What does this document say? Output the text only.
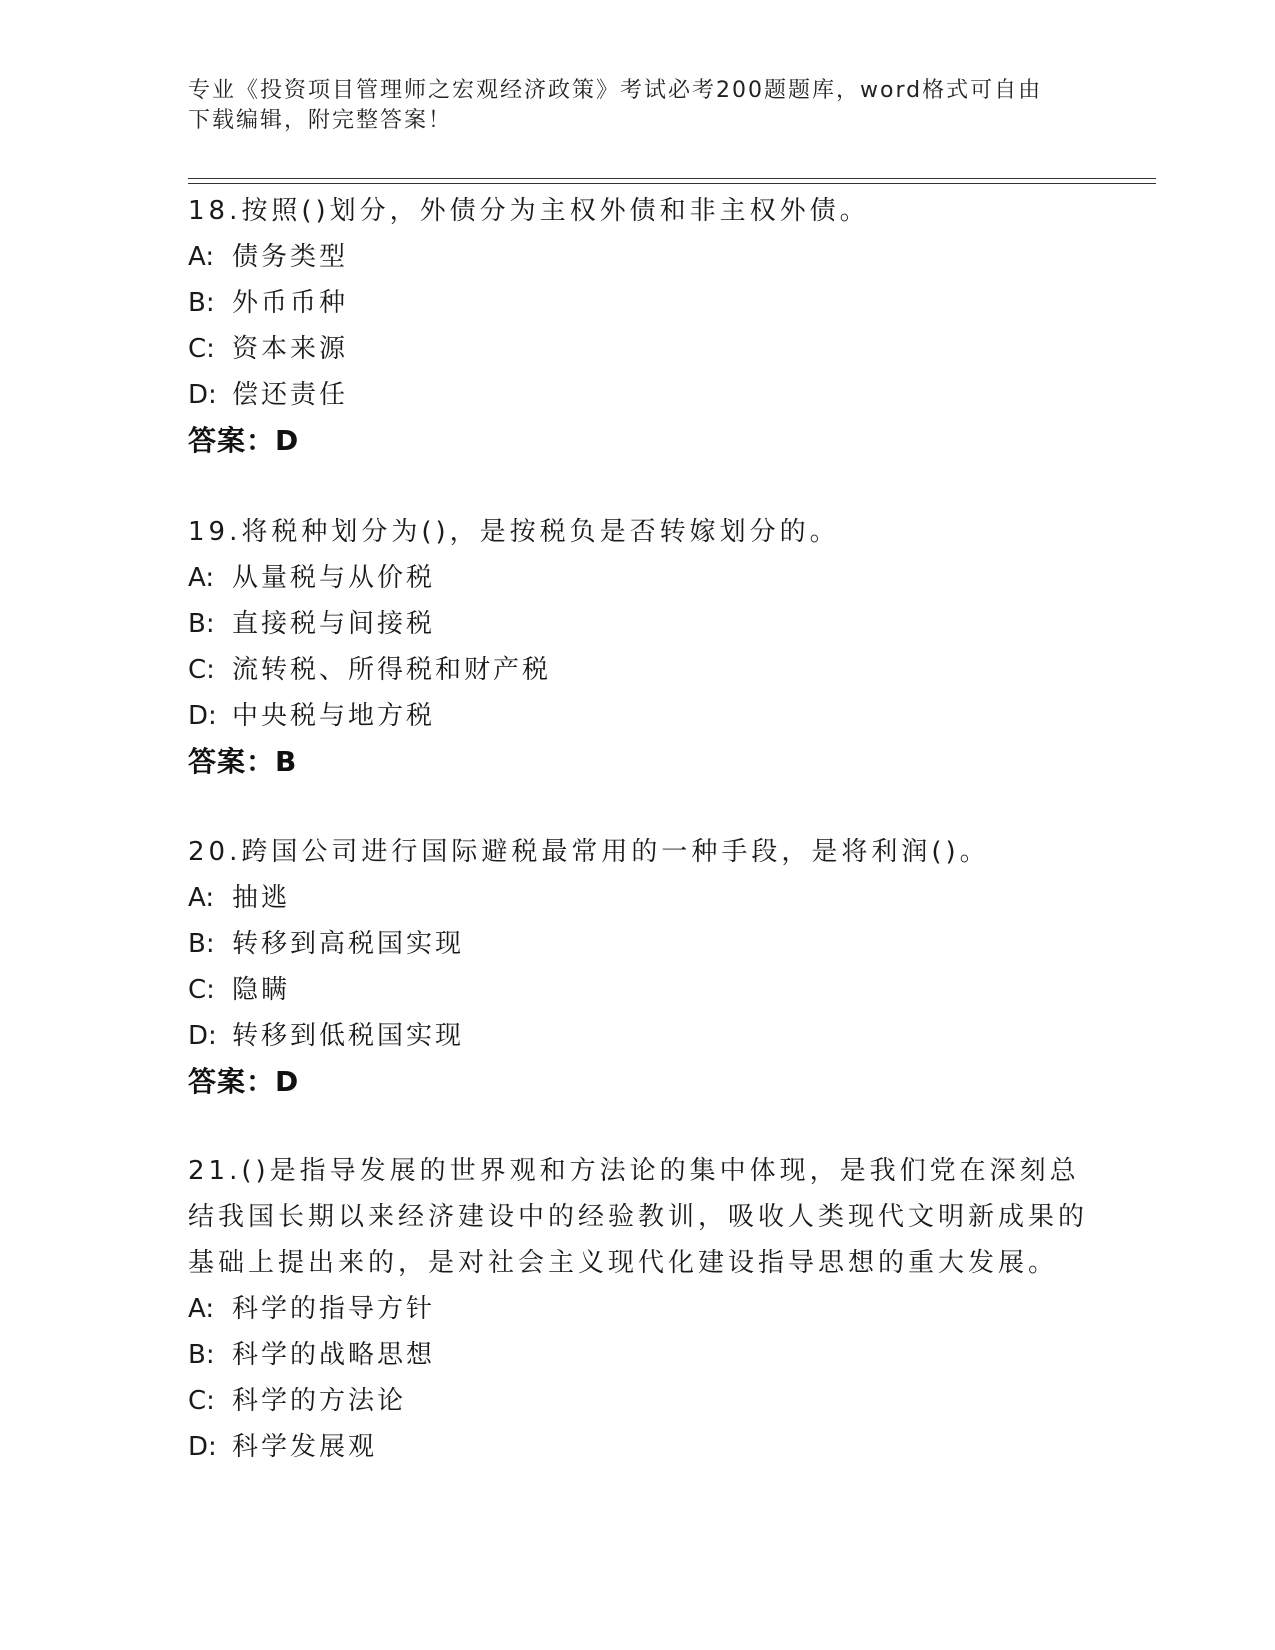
专业《投资项目管理师之宏观经济政策》考试必考200题题库，word格式可自由
下载编辑，附完整答案！

18.按照()划分，外债分为主权外债和非主权外债。

A: 债务类型

B: 外币币种

C: 资本来源

D: 偿还责任

答案：D

19.将税种划分为()，是按税负是否转嫁划分的。

A: 从量税与从价税

B: 直接税与间接税

C: 流转税、所得税和财产税

D: 中央税与地方税

答案：B

20.跨国公司进行国际避税最常用的一种手段，是将利润()。

A: 抽逃

B: 转移到高税国实现

C: 隐瞒

D: 转移到低税国实现

答案：D

21.()是指导发展的世界观和方法论的集中体现，是我们党在深刻总结我国长期以来经济建设中的经验教训，吸收人类现代文明新成果的基础上提出来的，是对社会主义现代化建设指导思想的重大发展。

A: 科学的指导方针

B: 科学的战略思想

C: 科学的方法论

D: 科学发展观
